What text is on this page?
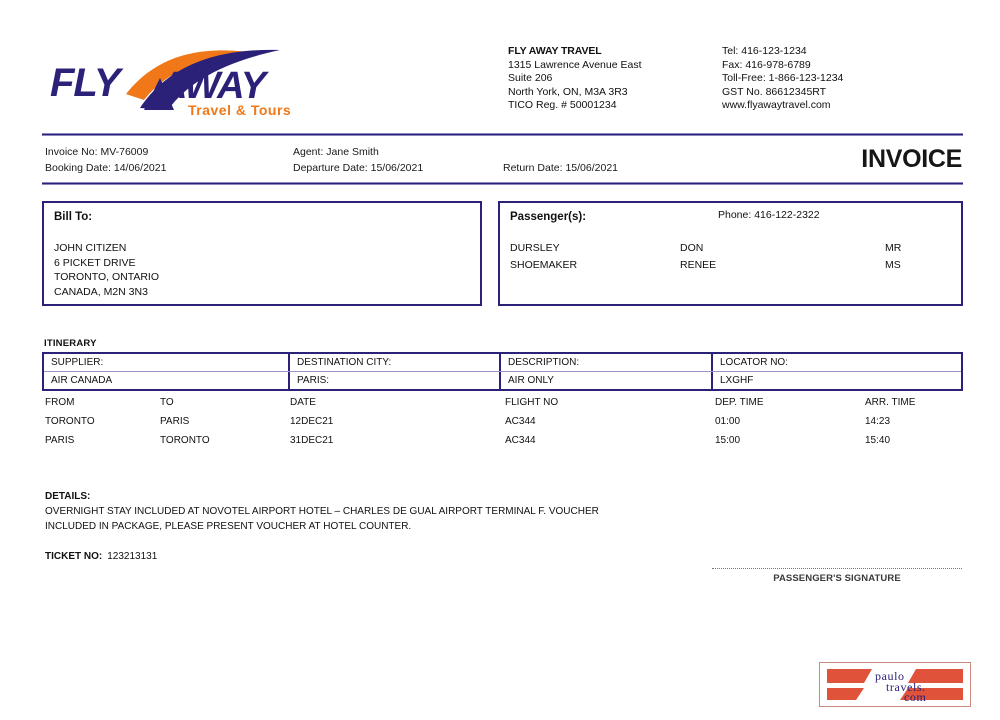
FLY AWAY
Travel & Tours
FLY AWAY TRAVEL
1315 Lawrence Avenue East
Suite 206
North York, ON, M3A 3R3
TICO Reg. # 50001234
Tel: 416-123-1234
Fax: 416-978-6789
Toll-Free: 1-866-123-1234
GST No. 86612345RT
www.flyawaytravel.com
Invoice No: MV-76009
Booking Date: 14/06/2021
Agent: Jane Smith
Departure Date: 15/06/2021	Return Date: 15/06/2021	INVOICE
Bill To:
JOHN CITIZEN
6 PICKET DRIVE
TORONTO, ONTARIO
CANADA, M2N 3N3
Passenger(s):	Phone: 416-122-2322
DURSLEY	DON	MR
SHOEMAKER	RENEE	MS
ITINERARY
SUPPLIER:	DESTINATION CITY:	DESCRIPTION:	LOCATOR NO:
AIR CANADA	PARIS:	AIR ONLY	LXGHF
FROM	TO	DATE	FLIGHT NO	DEP. TIME	ARR. TIME
TORONTO	PARIS	12DEC21	AC344	01:00	14:23
PARIS	TORONTO	31DEC21	AC344	15:00	15:40
DETAILS:
OVERNIGHT STAY INCLUDED AT NOVOTEL AIRPORT HOTEL – CHARLES DE GUAL AIRPORT TERMINAL F. VOUCHER
INCLUDED IN PACKAGE, PLEASE PRESENT VOUCHER AT HOTEL COUNTER.
TICKET NO: 123213131
PASSENGER'S SIGNATURE
paulo
travels.
com
